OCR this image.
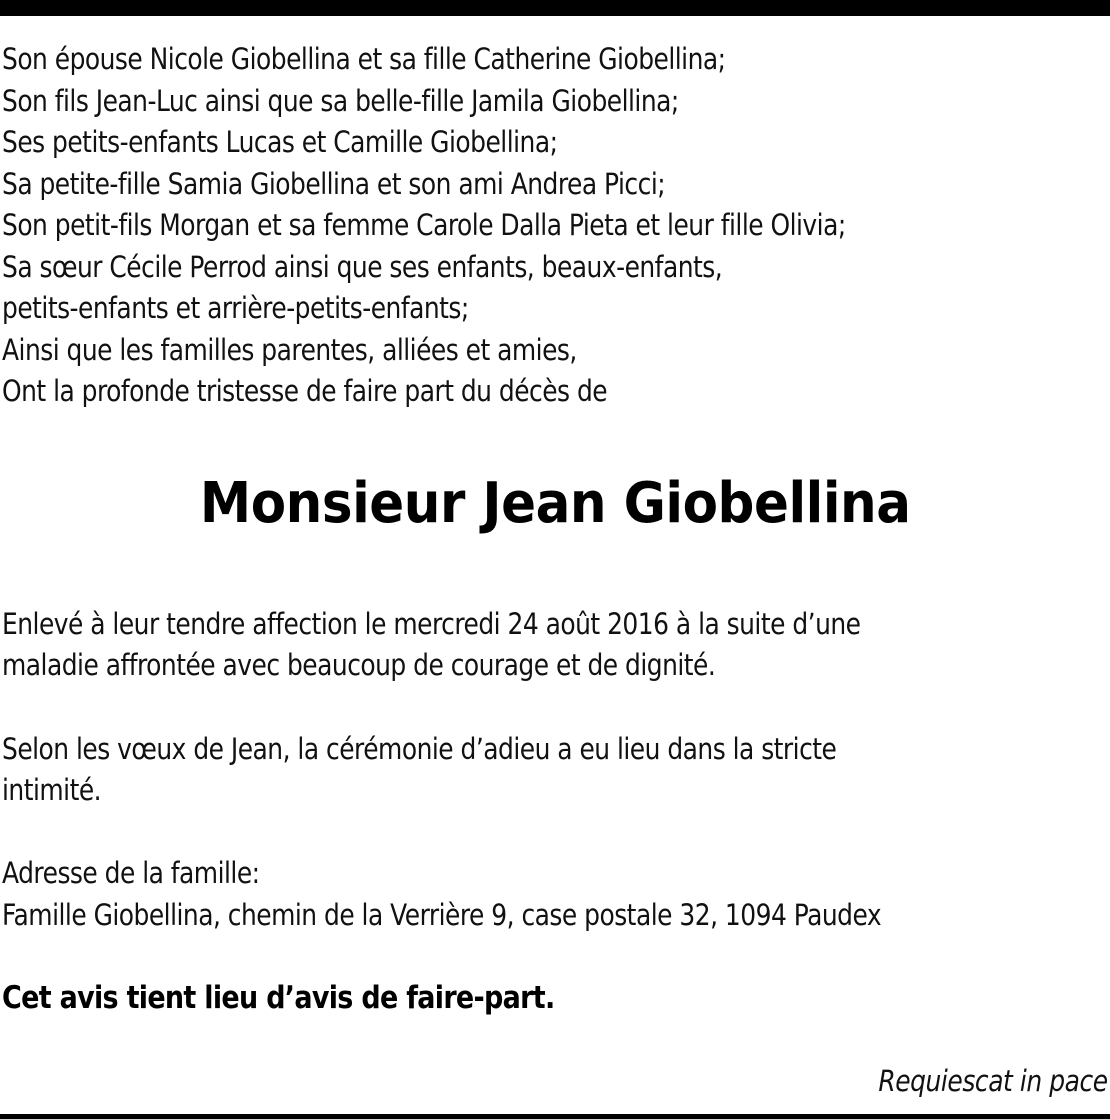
Son épouse Nicole Giobellina et sa fille Catherine Giobellina;
Son fils Jean-Luc ainsi que sa belle-fille Jamila Giobellina;
Ses petits-enfants Lucas et Camille Giobellina;
Sa petite-fille Samia Giobellina et son ami Andrea Picci;
Son petit-fils Morgan et sa femme Carole Dalla Pieta et leur fille Olivia;
Sa sœur Cécile Perrod ainsi que ses enfants, beaux-enfants,
petits-enfants et arrière-petits-enfants;
Ainsi que les familles parentes, alliées et amies,
Ont la profonde tristesse de faire part du décès de
Monsieur Jean Giobellina
Enlevé à leur tendre affection le mercredi 24 août 2016 à la suite d’une
maladie affrontée avec beaucoup de courage et de dignité.
Selon les vœux de Jean, la cérémonie d’adieu a eu lieu dans la stricte
intimité.
Adresse de la famille:
Famille Giobellina, chemin de la Verrière 9, case postale 32, 1094 Paudex
Cet avis tient lieu d’avis de faire-part.
Requiescat in pace
